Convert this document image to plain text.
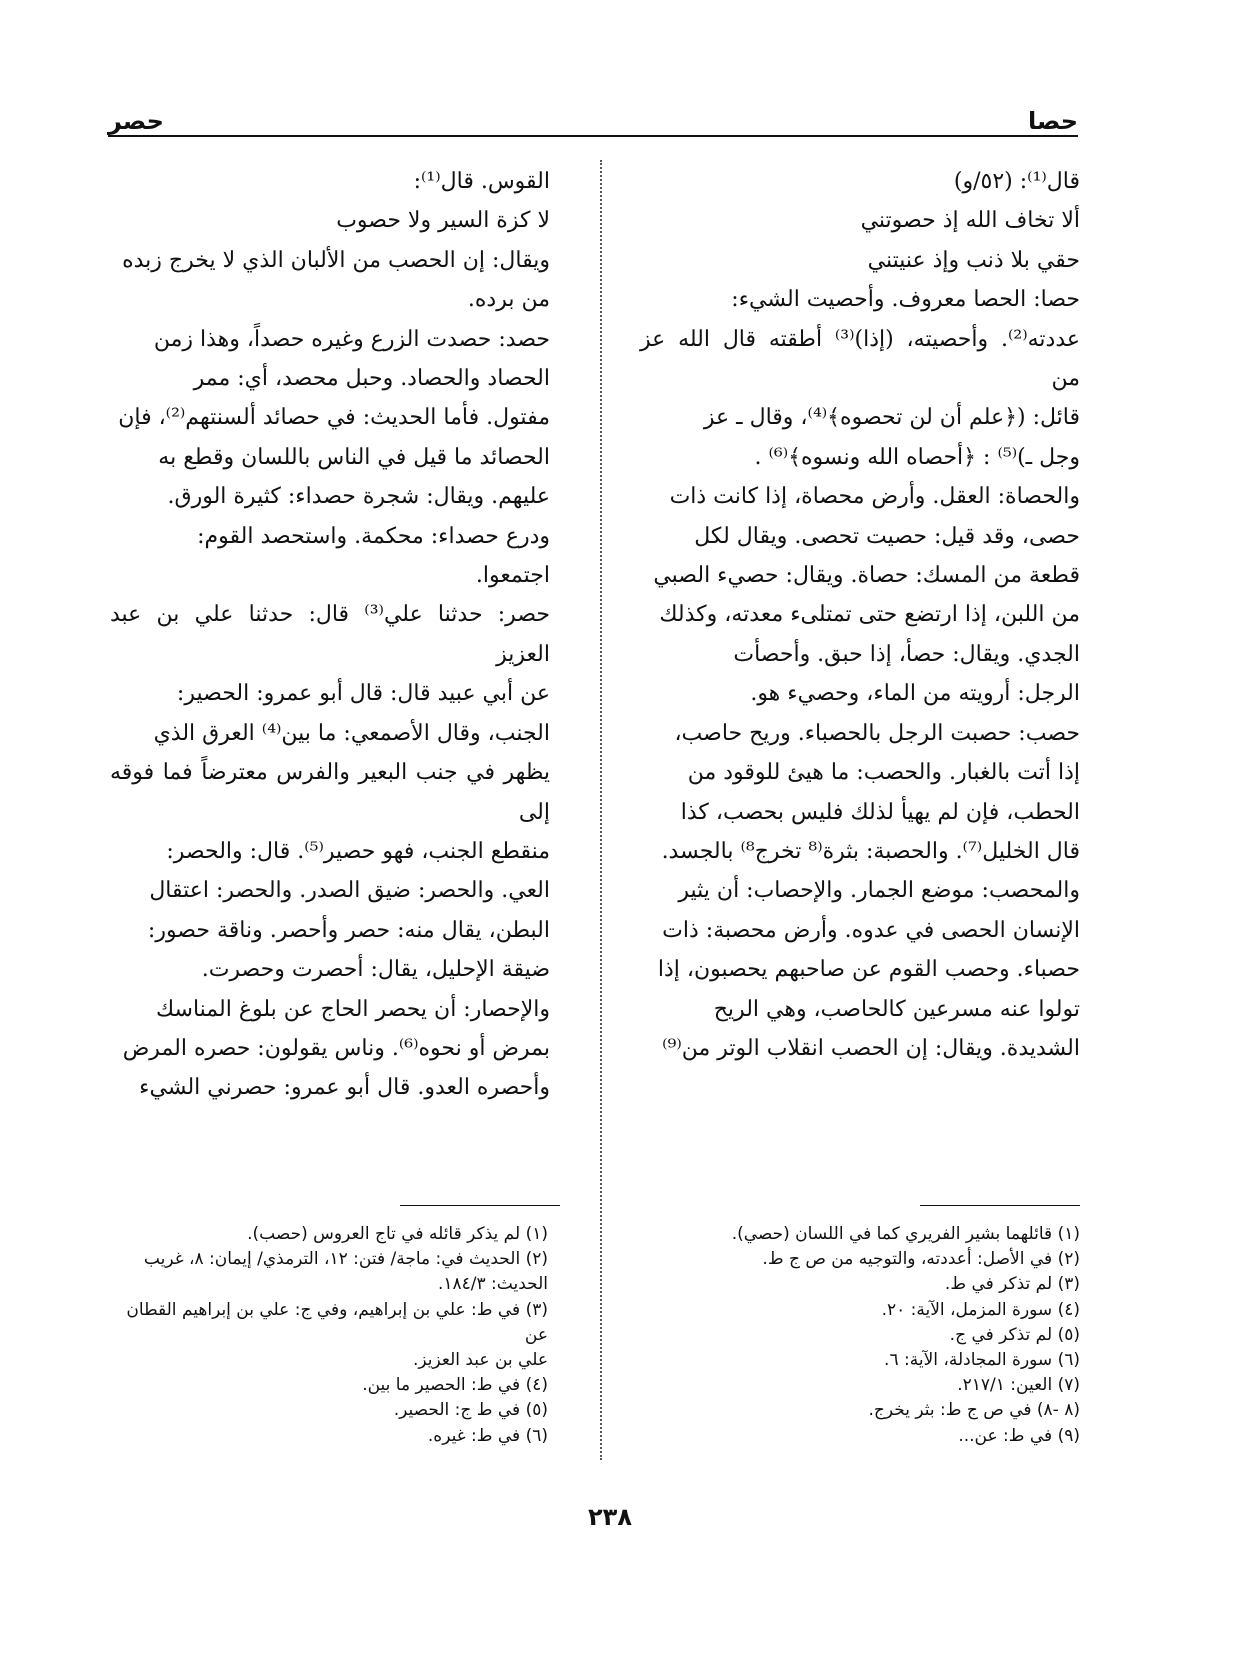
حصا
حصر
قال⁽¹⁾: (٥٢/و)
ألا تخاف الله إذ حصوتني
حقي بلا ذنب وإذ عنيتني
حصا: الحصا معروف. وأحصيت الشيء:
عددته⁽²⁾. وأحصيته، (إذا)⁽³⁾ أطقته قال الله عز من
قائل: (﴿علم أن لن تحصوه﴾⁽⁴⁾، وقال ـ عز
وجل ـ)⁽⁵⁾ : ﴿أحصاه الله ونسوه﴾⁽⁶⁾ .
والحصاة: العقل. وأرض محصاة، إذا كانت ذات
حصى، وقد قيل: حصيت تحصى. ويقال لكل
قطعة من المسك: حصاة. ويقال: حصيء الصبي
من اللبن، إذا ارتضع حتى تمتلىء معدته، وكذلك
الجدي. ويقال: حصأ، إذا حبق. وأحصأت
الرجل: أرويته من الماء، وحصيء هو.
حصب: حصبت الرجل بالحصباء. وريح حاصب،
إذا أتت بالغبار. والحصب: ما هيئ للوقود من
الحطب، فإن لم يهيأ لذلك فليس بحصب، كذا
قال الخليل⁽⁷⁾. والحصبة: بثرة⁽⁸ تخرج⁸⁾ بالجسد.
والمحصب: موضع الجمار. والإحصاب: أن يثير
الإنسان الحصى في عدوه. وأرض محصبة: ذات
حصباء. وحصب القوم عن صاحبهم يحصبون، إذا
تولوا عنه مسرعين كالحاصب، وهي الريح
الشديدة. ويقال: إن الحصب انقلاب الوتر من⁽⁹⁾
القوس. قال⁽¹⁾:
لا كزة السير ولا حصوب
ويقال: إن الحصب من الألبان الذي لا يخرج زبده
من برده.
حصد: حصدت الزرع وغيره حصداً، وهذا زمن
الحصاد والحصاد. وحبل محصد، أي: ممر
مفتول. فأما الحديث: في حصائد ألسنتهم⁽²⁾، فإن
الحصائد ما قيل في الناس باللسان وقطع به
عليهم. ويقال: شجرة حصداء: كثيرة الورق.
ودرع حصداء: محكمة. واستحصد القوم:
اجتمعوا.
حصر: حدثنا علي⁽³⁾ قال: حدثنا علي بن عبد العزيز
عن أبي عبيد قال: قال أبو عمرو: الحصير:
الجنب، وقال الأصمعي: ما بين⁽⁴⁾ العرق الذي
يظهر في جنب البعير والفرس معترضاً فما فوقه إلى
منقطع الجنب، فهو حصير⁽⁵⁾. قال: والحصر:
العي. والحصر: ضيق الصدر. والحصر: اعتقال
البطن، يقال منه: حصر وأحصر. وناقة حصور:
ضيقة الإحليل، يقال: أحصرت وحصرت.
والإحصار: أن يحصر الحاج عن بلوغ المناسك
بمرض أو نحوه⁽⁶⁾. وناس يقولون: حصره المرض
وأحصره العدو. قال أبو عمرو: حصرني الشيء
(١) قائلهما بشير الفريري كما في اللسان (حصي).
(٢) في الأصل: أعددته، والتوجيه من ص ج ط.
(٣) لم تذكر في ط.
(٤) سورة المزمل، الآية: ٢٠.
(٥) لم تذكر في ج.
(٦) سورة المجادلة، الآية: ٦.
(٧) العين: ٢١٧/١.
(٨ -٨) في ص ج ط: بثر يخرج.
(٩) في ط: عن...
(١) لم يذكر قائله في تاج العروس (حصب).
(٢) الحديث في: ماجة/ فتن: ١٢، الترمذي/ إيمان: ٨، غريب
الحديث: ١٨٤/٣.
(٣) في ط: علي بن إبراهيم، وفي ج: علي بن إبراهيم القطان عن
علي بن عبد العزيز.
(٤) في ط: الحصير ما بين.
(٥) في ط ج: الحصير.
(٦) في ط: غيره.
٢٣٨
